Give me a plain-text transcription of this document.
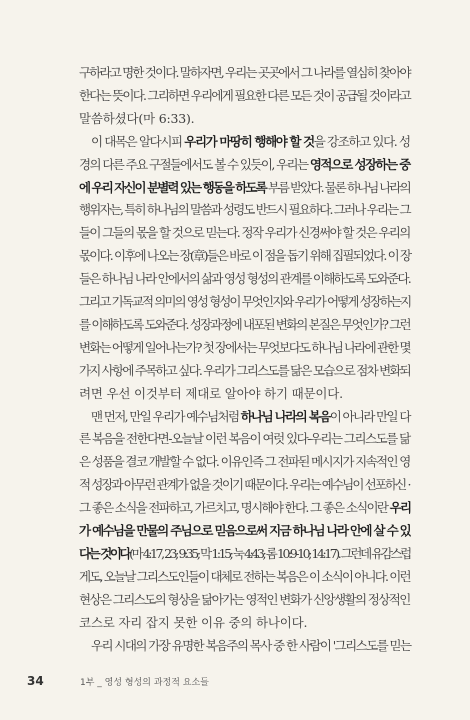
구하라고 명한 것이다. 말하자면, 우리는 곳곳에서 그 나라를 열심히 찾아야
한다는 뜻이다. 그리하면 우리에게 필요한 다른 모든 것이 공급될 것이라고
말씀하셨다(마 6:33).
이 대목은 알다시피 우리가 마땅히 행해야 할 것을 강조하고 있다. 성
경의 다른 주요 구절들에서도 볼 수 있듯이, 우리는 영적으로 성장하는 중
에 우리 자신이 분별력 있는 행동을 하도록 부름 받았다. 물론 하나님 나라의
행위자는, 특히 하나님의 말씀과 성령도 반드시 필요하다. 그러나 우리는 그
들이 그들의 몫을 할 것으로 믿는다. 정작 우리가 신경써야 할 것은 우리의
몫이다. 이후에 나오는 장(章)들은 바로 이 점을 돕기 위해 집필되었다. 이 장
들은 하나님 나라 안에서의 삶과 영성 형성의 관계를 이해하도록 도와준다.
그리고 기독교적 의미의 영성 형성이 무엇인지와 우리가 어떻게 성장하는지
를 이해하도록 도와준다. 성장과정에 내포된 변화의 본질은 무엇인가? 그런
변화는 어떻게 일어나는가? 첫 장에서는 무엇보다도 하나님 나라에 관한 몇
가지 사항에 주목하고 싶다. 우리가 그리스도를 닮은 모습으로 점차 변화되
려면 우선 이것부터 제대로 알아야 하기 때문이다.
맨 먼저, 만일 우리가 예수님처럼 하나님 나라의 복음이 아니라 만일 다
른 복음을 전한다면-오늘날 이런 복음이 여럿 있다-우리는 그리스도를 닮
은 성품을 결코 개발할 수 없다. 이유인즉 그 전파된 메시지가 지속적인 영
적 성장과 아무런 관계가 없을 것이기 때문이다. 우리는 예수님이 선포하신 ·
그 좋은 소식을 전파하고, 가르치고, 명시해야 한다. 그 좋은 소식이란 우리
가 예수님을 만물의 주님으로 믿음으로써 지금 하나님 나라 안에 살 수 있
다는 것이다(마 4:17, 23; 9:35; 막 1:15; 눅 4:43; 롬 10:9-10; 14:17). 그런데 유감스럽
게도, 오늘날 그리스도인들이 대체로 전하는 복음은 이 소식이 아니다. 이런
현상은 그리스도의 형상을 닮아가는 영적인 변화가 신앙생활의 정상적인
코스로 자리 잡지 못한 이유 중의 하나이다.
우리 시대의 가장 유명한 복음주의 목사 중 한 사람이 '그리스도를 믿는
34	1부 _ 영성 형성의 과정적 요소들
